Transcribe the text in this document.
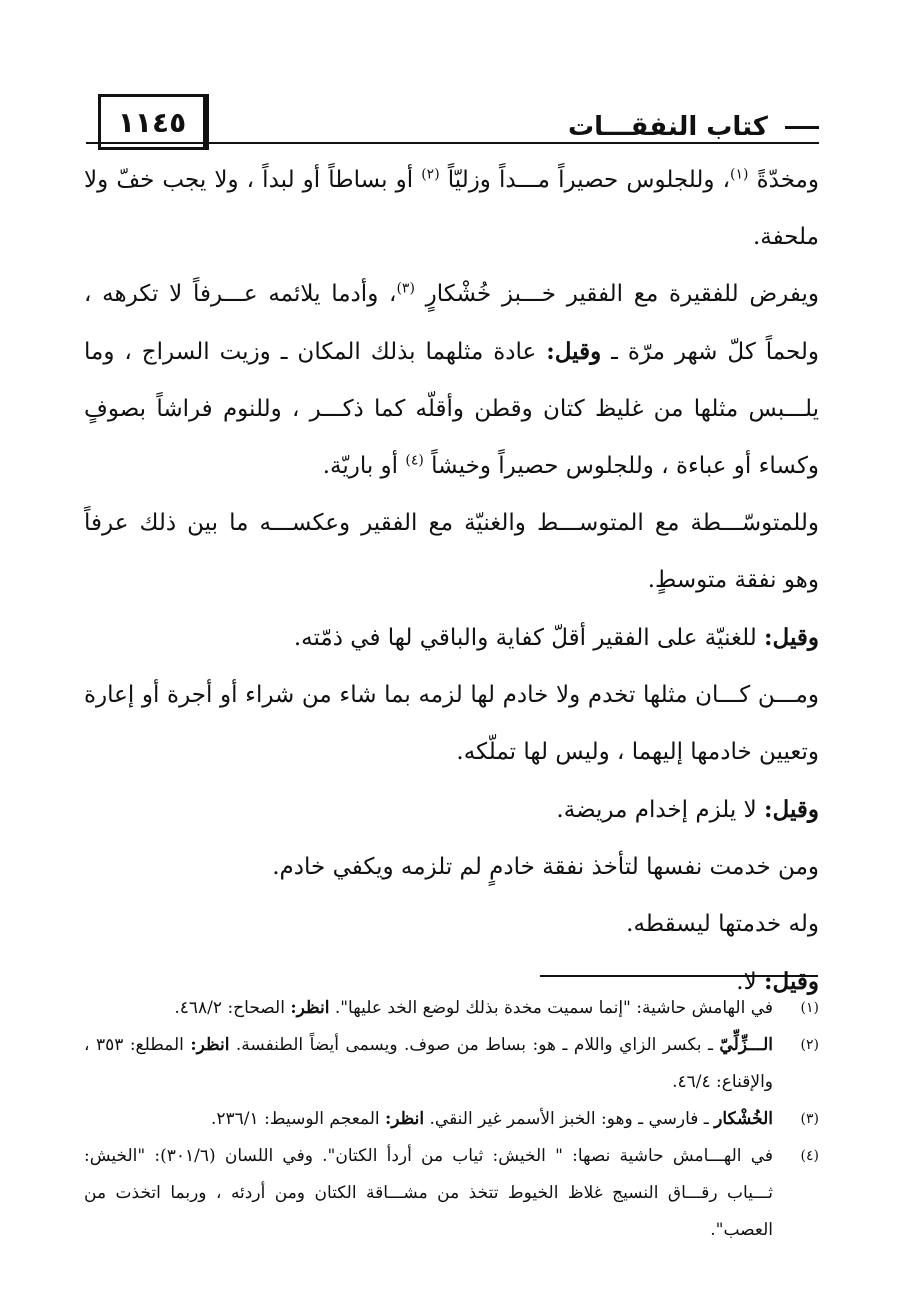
١١٤٥	كتاب النفقـــات

ومخدّةً $^{(١)}$، وللجلوس حصيراً مـــداً وزليّاً $^{(٢)}$ أو بساطاً أو لبداً ، ولا يجب خفّ ولا ملحفة.

ويفرض للفقيرة مع الفقير خـــبز خُشْكارٍ $^{(٣)}$، وأدما يلائمه عـــرفاً لا تكرهه ، ولحماً كلّ شهر مرّة ـ وقيل: عادة مثلهما بذلك المكان ـ وزيت السراج ، وما يلـــبس مثلها من غليظ كتان وقطن وأقلّه كما ذكـــر ، وللنوم فراشاً بصوفٍ وكساء أو عباءة ، وللجلوس حصيراً وخيشاً $^{(٤)}$ أو باريّة.

وللمتوسّـــطة مع المتوســـط والغنيّة مع الفقير وعكســـه ما بين ذلك عرفاً وهو نفقة متوسطٍ.

وقيل: للغنيّة على الفقير أقلّ كفاية والباقي لها في ذمّته.

ومـــن كـــان مثلها تخدم ولا خادم لها لزمه بما شاء من شراء أو أجرة أو إعارة وتعيين خادمها إليهما ، وليس لها تملّكه.

وقيل: لا يلزم إخدام مريضة.

ومن خدمت نفسها لتأخذ نفقة خادمٍ لم تلزمه ويكفي خادم.

وله خدمتها ليسقطه.

وقيل: لا.

(١)
في الهامش حاشية: "إنما سميت مخدة بذلك لوضع الخد عليها". انظر: الصحاح: ٤٦٨/٢.
(٢)
الـــزِّلِّيّ ـ بكسر الزاي واللام ـ هو: بساط من صوف. ويسمى أيضاً الطنفسة. انظر: المطلع: ٣٥٣ ، والإقناع: ٤٦/٤.
(٣)
الخُشْكار ـ فارسي ـ وهو: الخبز الأسمر غير النقي. انظر: المعجم الوسيط: ٢٣٦/١.
(٤)
في الهـــامش حاشية نصها: " الخيش: ثياب من أردأ الكتان". وفي اللسان (٣٠١/٦): "الخيش: ثـــياب رقـــاق النسيج غلاظ الخيوط تتخذ من مشـــاقة الكتان ومن أردئه ، وربما اتخذت من العصب".
